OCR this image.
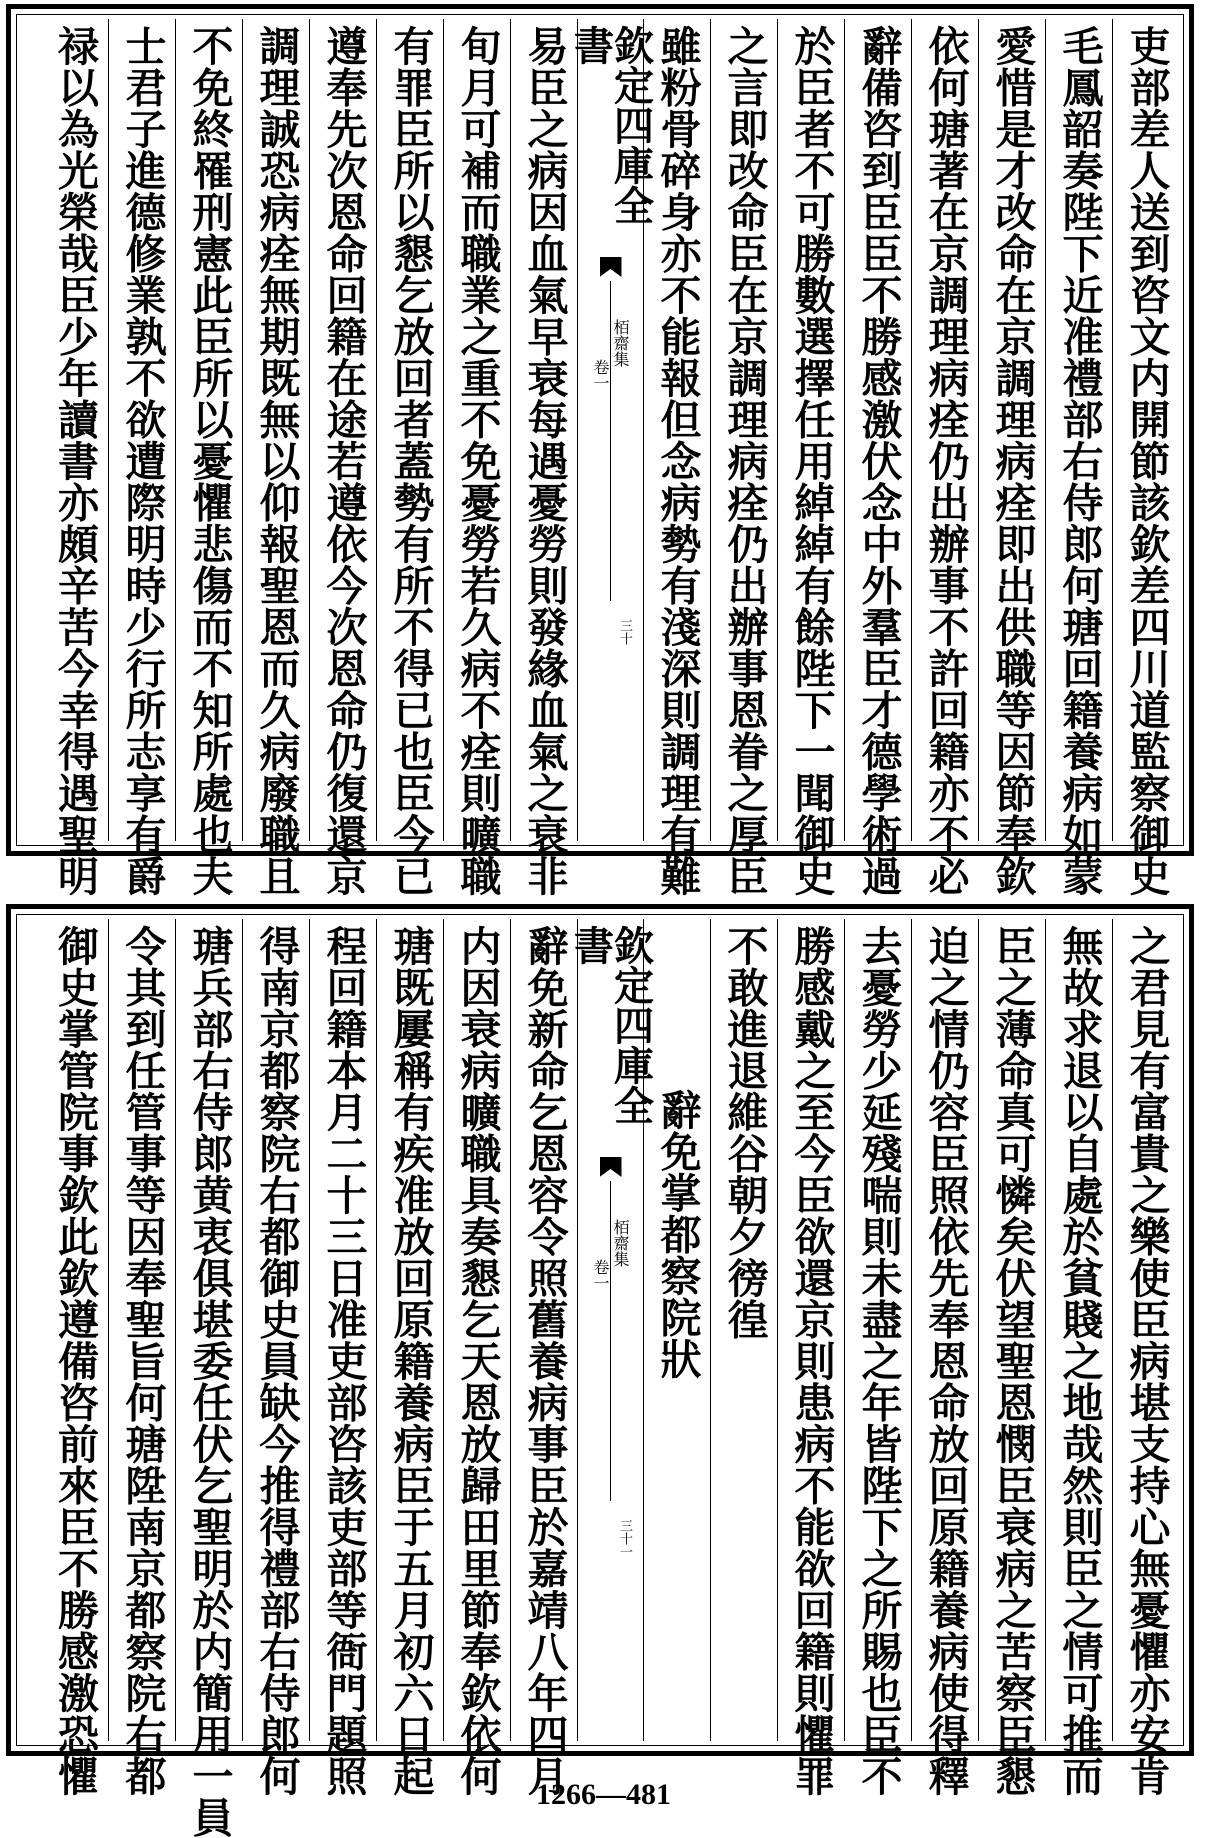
吏部差人送到咨文内開節該欽差四川道監察御史
毛鳳韶奏陛下近准禮部右侍郎何瑭回籍養病如蒙
愛惜是才改命在京調理病痊即出供職等因節奉欽
依何瑭著在京調理病痊仍出辦事不許回籍亦不必
辭備咨到臣臣不勝感激伏念中外羣臣才德學術過
於臣者不可勝數選擇任用綽綽有餘陛下一聞御史
之言即改命臣在京調理病痊仍出辦事恩眷之厚臣
雖粉骨碎身亦不能報但念病勢有淺深則調理有難
欽定四庫全書
栢齋集
卷一
三十
易臣之病因血氣早衰每遇憂勞則發緣血氣之衰非
旬月可補而職業之重不免憂勞若久病不痊則曠職
有罪臣所以懇乞放回者蓋勢有所不得已也臣今已
遵奉先次恩命回籍在途若遵依今次恩命仍復還京
調理誠恐病痊無期既無以仰報聖恩而久病廢職且
不免終罹刑憲此臣所以憂懼悲傷而不知所處也夫
士君子進德修業孰不欲遭際明時少行所志享有爵
禄以為光榮哉臣少年讀書亦頗辛苦今幸得遇聖明
之君見有富貴之樂使臣病堪支持心無憂懼亦安肯
無故求退以自處於貧賤之地哉然則臣之情可推而
臣之薄命真可憐矣伏望聖恩憫臣衰病之苦察臣懇
迫之情仍容臣照依先奉恩命放回原籍養病使得釋
去憂勞少延殘喘則未盡之年皆陛下之所賜也臣不
勝感戴之至今臣欲還京則患病不能欲回籍則懼罪
不敢進退維谷朝夕徬徨
辭免掌都察院狀
欽定四庫全書
栢齋集
卷一
三十一
辭免新命乞恩容令照舊養病事臣於嘉靖八年四月
内因衰病曠職具奏懇乞天恩放歸田里節奉欽依何
瑭既屢稱有疾准放回原籍養病臣于五月初六日起
程回籍本月二十三日准吏部咨該吏部等衙門題照
得南京都察院右都御史員缺今推得禮部右侍郎何
瑭兵部右侍郎黄衷俱堪委任伏乞聖明於内簡用一員
令其到任管事等因奉聖旨何瑭陞南京都察院右都
御史掌管院事欽此欽遵備咨前來臣不勝感激恐懼	1266—481
